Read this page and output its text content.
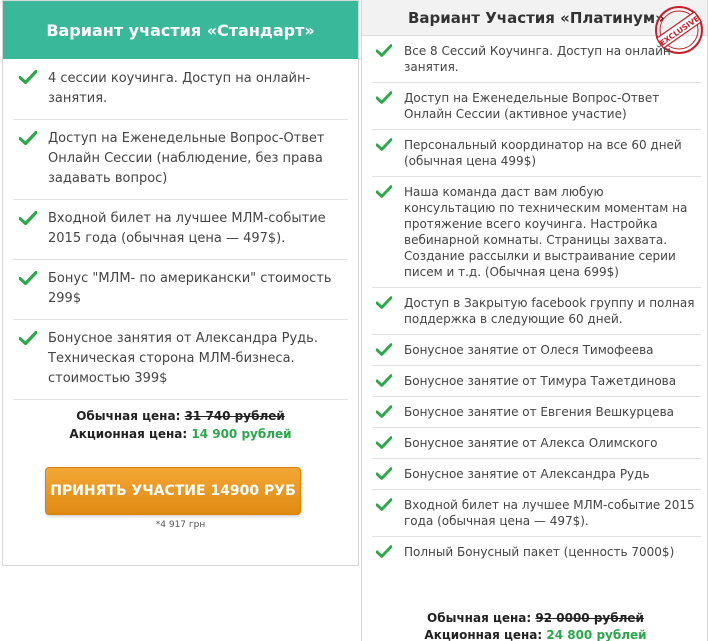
Вариант участия «Стандарт»
4 сессии коучинга. Доступ на онлайн-занятия.
Доступ на Еженедельные Вопрос-Ответ Онлайн Сессии (наблюдение, без права задавать вопрос)
Входной билет на лучшее МЛМ-событие 2015 года (обычная цена — 497$).
Бонус "МЛМ- по американски" стоимость 299$
Бонусное занятия от Александра Рудь. Техническая сторона МЛМ-бизнеса. стоимостью 399$
Обычная цена: 31 740 рублей
Акционная цена: 14 900 рублей
ПРИНЯТЬ УЧАСТИЕ 14900 РУБ
*4 917 грн
Вариант Участия «Платинум»
EXCLUSIVE
Все 8 Сессий Коучинга. Доступ на онлайн занятия.
Доступ на Еженедельные Вопрос-Ответ Онлайн Сессии (активное участие)
Персональный координатор на все 60 дней (обычная цена 499$)
Наша команда даст вам любую консультацию по техническим моментам на протяжение всего коучинга. Настройка вебинарной комнаты. Страницы захвата. Создание рассылки и выстраивание серии писем и т.д. (Обычная цена 699$)
Доступ в Закрытую facebook группу и полная поддержка в следующие 60 дней.
Бонусное занятие от Олеся Тимофеева
Бонусное занятие от Тимура Тажетдинова
Бонусное занятие от Евгения Вешкурцева
Бонусное занятие от Алекса Олимского
Бонусное занятие от Александра Рудь
Входной билет на лучшее МЛМ-событие 2015 года (обычная цена — 497$).
Полный Бонусный пакет (ценность 7000$)
Обычная цена: 92 0000 рублей
Акционная цена: 24 800 рублей
